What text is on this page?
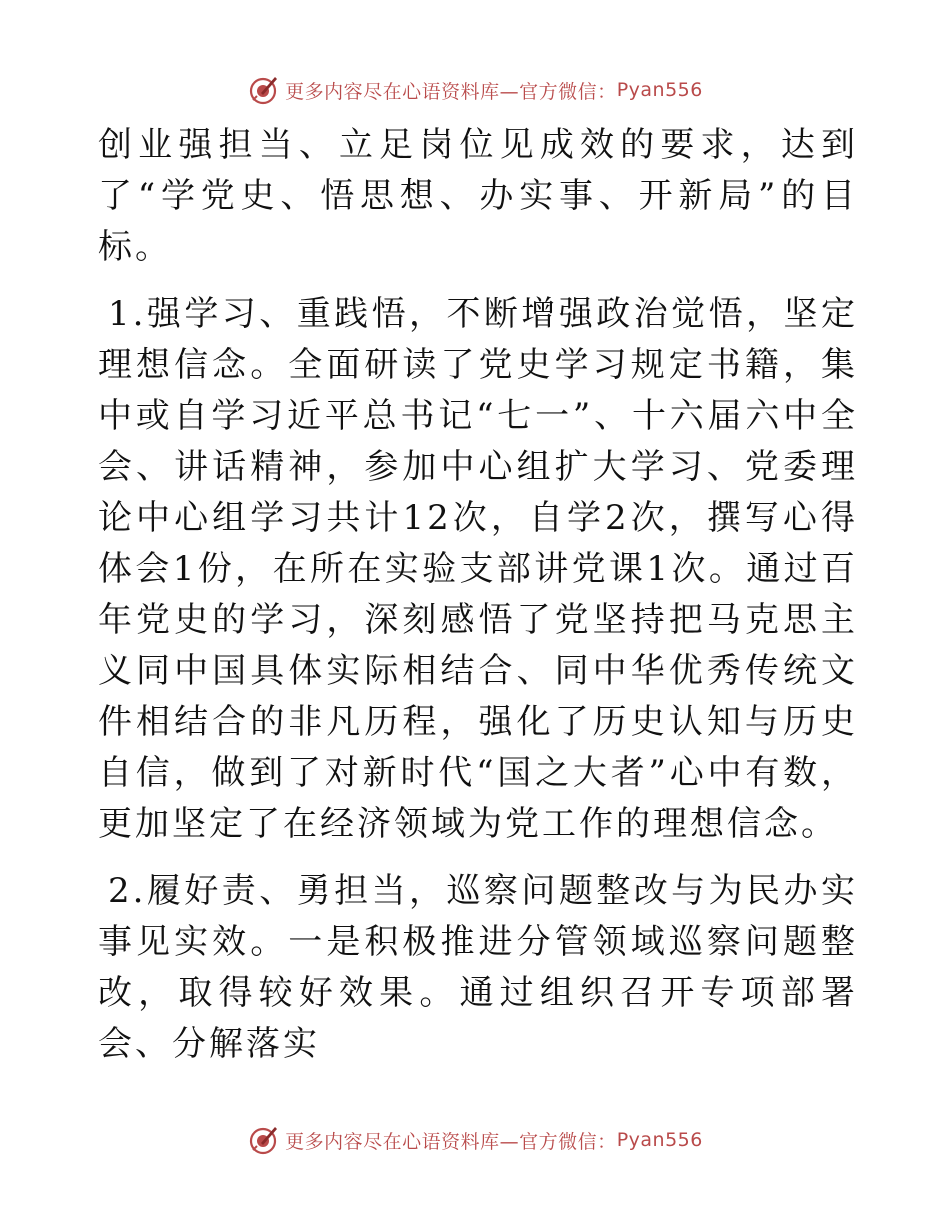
更多内容尽在心语资料库 —官方微信： Pyan556

创业强担当、立足岗位见成效的要求，达到了“学党史、悟思想、办实事、开新局”的目标。

1.强学习、重践悟，不断增强政治觉悟，坚定理想信念。全面研读了党史学习规定书籍，集中或自学习近平总书记“七一”、十六届六中全会、讲话精神，参加中心组扩大学习、党委理论中心组学习共计12次，自学2次，撰写心得体会1份，在所在实验支部讲党课1次。通过百年党史的学习，深刻感悟了党坚持把马克思主义同中国具体实际相结合、同中华优秀传统文件相结合的非凡历程，强化了历史认知与历史自信，做到了对新时代“国之大者”心中有数，更加坚定了在经济领域为党工作的理想信念。

2.履好责、勇担当，巡察问题整改与为民办实事见实效。一是积极推进分管领域巡察问题整改，取得较好效果。通过组织召开专项部署会、分解落实

更多内容尽在心语资料库 —官方微信： Pyan556
